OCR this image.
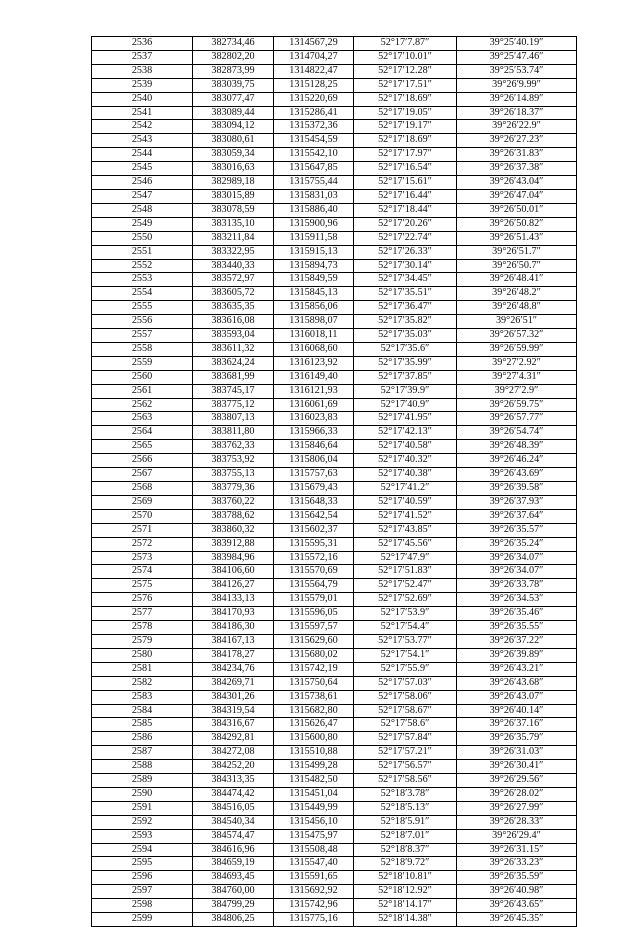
2536	382734,46	1314567,29	52°17′7.87″	39°25′40.19″
2537	382802,20	1314704,27	52°17′10.01″	39°25′47.46″
2538	382873,99	1314822,47	52°17′12.28″	39°25′53.74″
2539	383039,75	1315128,25	52°17′17.51″	39°26′9.99″
2540	383077,47	1315220,69	52°17′18.69″	39°26′14.89″
2541	383089,44	1315286,41	52°17′19.05″	39°26′18.37″
2542	383094,12	1315372,36	52°17′19.17″	39°26′22.9″
2543	383080,61	1315454,59	52°17′18.69″	39°26′27.23″
2544	383059,34	1315542,10	52°17′17.97″	39°26′31.83″
2545	383016,63	1315647,85	52°17′16.54″	39°26′37.38″
2546	382989,18	1315755,44	52°17′15.61″	39°26′43.04″
2547	383015,89	1315831,03	52°17′16.44″	39°26′47.04″
2548	383078,59	1315886,40	52°17′18.44″	39°26′50.01″
2549	383135,10	1315900,96	52°17′20.26″	39°26′50.82″
2550	383211,84	1315911,58	52°17′22.74″	39°26′51.43″
2551	383322,95	1315915,13	52°17′26.33″	39°26′51.7″
2552	383440,33	1315894,73	52°17′30.14″	39°26′50.7″
2553	383572,97	1315849,59	52°17′34.45″	39°26′48.41″
2554	383605,72	1315845,13	52°17′35.51″	39°26′48.2″
2555	383635,35	1315856,06	52°17′36.47″	39°26′48.8″
2556	383616,08	1315898,07	52°17′35.82″	39°26′51″
2557	383593,04	1316018,11	52°17′35.03″	39°26′57.32″
2558	383611,32	1316068,60	52°17′35.6″	39°26′59.99″
2559	383624,24	1316123,92	52°17′35.99″	39°27′2.92″
2560	383681,99	1316149,40	52°17′37.85″	39°27′4.31″
2561	383745,17	1316121,93	52°17′39.9″	39°27′2.9″
2562	383775,12	1316061,69	52°17′40.9″	39°26′59.75″
2563	383807,13	1316023,83	52°17′41.95″	39°26′57.77″
2564	383811,80	1315966,33	52°17′42.13″	39°26′54.74″
2565	383762,33	1315846,64	52°17′40.58″	39°26′48.39″
2566	383753,92	1315806,04	52°17′40.32″	39°26′46.24″
2567	383755,13	1315757,63	52°17′40.38″	39°26′43.69″
2568	383779,36	1315679,43	52°17′41.2″	39°26′39.58″
2569	383760,22	1315648,33	52°17′40.59″	39°26′37.93″
2570	383788,62	1315642,54	52°17′41.52″	39°26′37.64″
2571	383860,32	1315602,37	52°17′43.85″	39°26′35.57″
2572	383912,88	1315595,31	52°17′45.56″	39°26′35.24″
2573	383984,96	1315572,16	52°17′47.9″	39°26′34.07″
2574	384106,60	1315570,69	52°17′51.83″	39°26′34.07″
2575	384126,27	1315564,79	52°17′52.47″	39°26′33.78″
2576	384133,13	1315579,01	52°17′52.69″	39°26′34.53″
2577	384170,93	1315596,05	52°17′53.9″	39°26′35.46″
2578	384186,30	1315597,57	52°17′54.4″	39°26′35.55″
2579	384167,13	1315629,60	52°17′53.77″	39°26′37.22″
2580	384178,27	1315680,02	52°17′54.1″	39°26′39.89″
2581	384234,76	1315742,19	52°17′55.9″	39°26′43.21″
2582	384269,71	1315750,64	52°17′57.03″	39°26′43.68″
2583	384301,26	1315738,61	52°17′58.06″	39°26′43.07″
2584	384319,54	1315682,80	52°17′58.67″	39°26′40.14″
2585	384316,67	1315626,47	52°17′58.6″	39°26′37.16″
2586	384292,81	1315600,80	52°17′57.84″	39°26′35.79″
2587	384272,08	1315510,88	52°17′57.21″	39°26′31.03″
2588	384252,20	1315499,28	52°17′56.57″	39°26′30.41″
2589	384313,35	1315482,50	52°17′58.56″	39°26′29.56″
2590	384474,42	1315451,04	52°18′3.78″	39°26′28.02″
2591	384516,05	1315449,99	52°18′5.13″	39°26′27.99″
2592	384540,34	1315456,10	52°18′5.91″	39°26′28.33″
2593	384574,47	1315475,97	52°18′7.01″	39°26′29.4″
2594	384616,96	1315508,48	52°18′8.37″	39°26′31.15″
2595	384659,19	1315547,40	52°18′9.72″	39°26′33.23″
2596	384693,45	1315591,65	52°18′10.81″	39°26′35.59″
2597	384760,00	1315692,92	52°18′12.92″	39°26′40.98″
2598	384799,29	1315742,96	52°18′14.17″	39°26′43.65″
2599	384806,25	1315775,16	52°18′14.38″	39°26′45.35″
